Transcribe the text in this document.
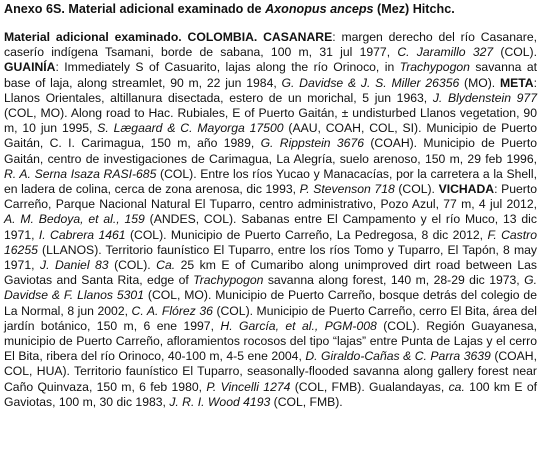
Anexo 6S. Material adicional examinado de Axonopus anceps (Mez) Hitchc.

Material adicional examinado. COLOMBIA. CASANARE: margen derecho del río Casanare, caserío indígena Tsamani, borde de sabana, 100 m, 31 jul 1977, C. Jaramillo 327 (COL). GUAINÍA: Immediately S of Casuarito, lajas along the río Orinoco, in Trachypogon savanna at base of laja, along streamlet, 90 m, 22 jun 1984, G. Davidse & J. S. Miller 26356 (MO). META: Llanos Orientales, altillanura disectada, estero de un morichal, 5 jun 1963, J. Blydenstein 977 (COL, MO). Along road to Hac. Rubiales, E of Puerto Gaitán, ± undisturbed Llanos vegetation, 90 m, 10 jun 1995, S. Lægaard & C. Mayorga 17500 (AAU, COAH, COL, SI). Municipio de Puerto Gaitán, C. I. Carimagua, 150 m, año 1989, G. Rippstein 3676 (COAH). Municipio de Puerto Gaitán, centro de investigaciones de Carimagua, La Alegría, suelo arenoso, 150 m, 29 feb 1996, R. A. Serna Isaza RASI-685 (COL). Entre los ríos Yucao y Manacacías, por la carretera a la Shell, en ladera de colina, cerca de zona arenosa, dic 1993, P. Stevenson 718 (COL). VICHADA: Puerto Carreño, Parque Nacional Natural El Tuparro, centro administrativo, Pozo Azul, 77 m, 4 jul 2012, A. M. Bedoya, et al., 159 (ANDES, COL). Sabanas entre El Campamento y el río Muco, 13 dic 1971, I. Cabrera 1461 (COL). Municipio de Puerto Carreño, La Pedregosa, 8 dic 2012, F. Castro 16255 (LLANOS). Territorio faunístico El Tuparro, entre los ríos Tomo y Tuparro, El Tapón, 8 may 1971, J. Daniel 83 (COL). Ca. 25 km E of Cumaribo along unimproved dirt road between Las Gaviotas and Santa Rita, edge of Trachypogon savanna along forest, 140 m, 28-29 dic 1973, G. Davidse & F. Llanos 5301 (COL, MO). Municipio de Puerto Carreño, bosque detrás del colegio de La Normal, 8 jun 2002, C. A. Flórez 36 (COL). Municipio de Puerto Carreño, cerro El Bita, área del jardín botánico, 150 m, 6 ene 1997, H. García, et al., PGM-008 (COL). Región Guayanesa, municipio de Puerto Carreño, afloramientos rocosos del tipo “lajas” entre Punta de Lajas y el cerro El Bita, ribera del río Orinoco, 40-100 m, 4-5 ene 2004, D. Giraldo-Cañas & C. Parra 3639 (COAH, COL, HUA). Territorio faunístico El Tuparro, seasonally-flooded savanna along gallery forest near Caño Quinvaza, 150 m, 6 feb 1980, P. Vincelli 1274 (COL, FMB). Gualandayas, ca. 100 km E of Gaviotas, 100 m, 30 dic 1983, J. R. I. Wood 4193 (COL, FMB).
